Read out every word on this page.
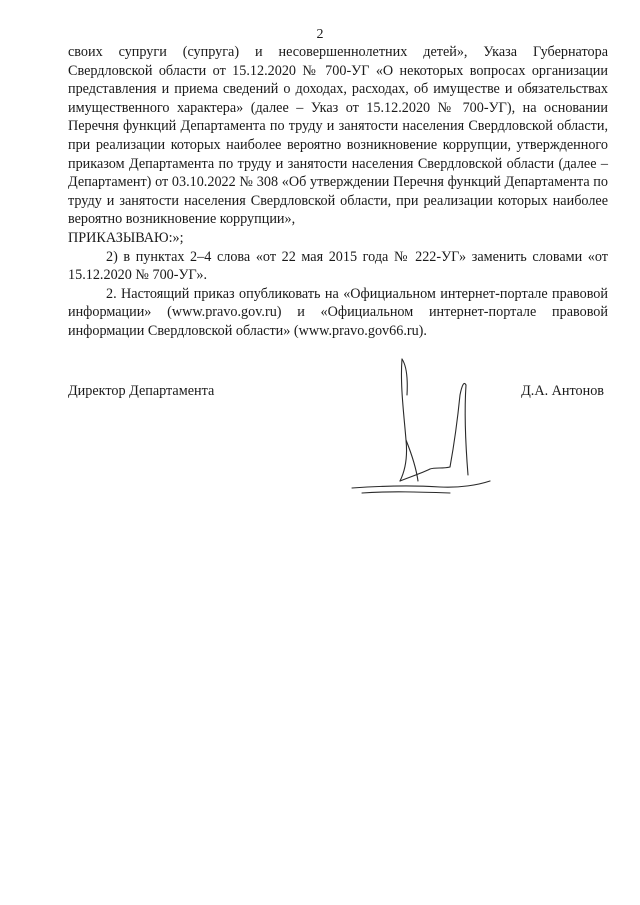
2

своих супруги (супруга) и несовершеннолетних детей», Указа Губернатора Свердловской области от 15.12.2020 № 700-УГ «О некоторых вопросах организации представления и приема сведений о доходах, расходах, об имуществе и обязательствах имущественного характера» (далее – Указ от 15.12.2020 № 700-УГ), на основании Перечня функций Департамента по труду и занятости населения Свердловской области, при реализации которых наиболее вероятно возникновение коррупции, утвержденного приказом Департамента по труду и занятости населения Свердловской области (далее – Департамент) от 03.10.2022 № 308 «Об утверждении Перечня функций Департамента по труду и занятости населения Свердловской области, при реализации которых наиболее вероятно возникновение коррупции»,

ПРИКАЗЫВАЮ:»;

2) в пунктах 2–4 слова «от 22 мая 2015 года № 222-УГ» заменить словами «от 15.12.2020 № 700-УГ».

2. Настоящий приказ опубликовать на «Официальном интернет-портале правовой информации» (www.pravo.gov.ru) и «Официальном интернет-портале правовой информации Свердловской области» (www.pravo.gov66.ru).

Директор Департамента	Д.А. Антонов
